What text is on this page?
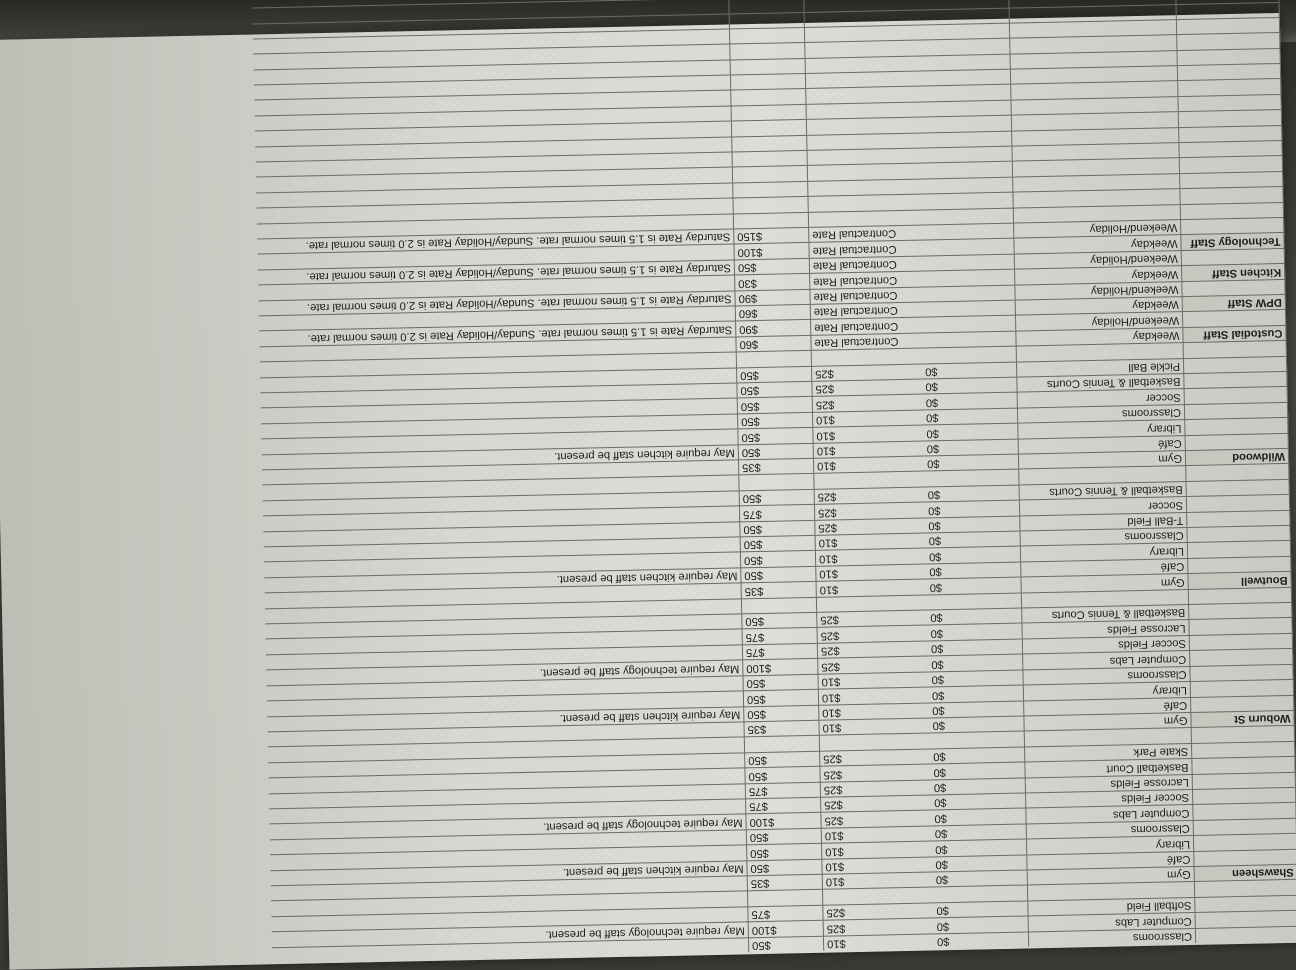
	Classrooms	$0	$10	$50	
	Computer Labs	$0	$25	$100	May require technology staff be present.
	Softball Field	$0	$25	$75	

Shawsheen	Gym	$0	$10	$35	
	Café	$0	$10	$50	May require kitchen staff be present.
	Library	$0	$10	$50	
	Classrooms	$0	$10	$50	
	Computer Labs	$0	$25	$100	May require technology staff be present.
	Soccer Fields	$0	$25	$75	
	Lacrosse Fields	$0	$25	$75	
	Basketball Court	$0	$25	$50	
	Skate Park	$0	$25	$50	

Woburn St	Gym	$0	$10	$35	
	Café	$0	$10	$50	May require kitchen staff be present.
	Library	$0	$10	$50	
	Classrooms	$0	$10	$50	
	Computer Labs	$0	$25	$100	May require technology staff be present.
	Soccer Fields	$0	$25	$75	
	Lacrosse Fields	$0	$25	$75	
	Basketball & Tennis Courts	$0	$25	$50	

Boutwell	Gym	$0	$10	$35	
	Café	$0	$10	$50	May require kitchen staff be present.
	Library	$0	$10	$50	
	Classrooms	$0	$10	$50	
	T-Ball Field	$0	$25	$50	
	Soccer	$0	$25	$75	
	Basketball & Tennis Courts	$0	$25	$50	

Wildwood	Gym	$0	$10	$35	
	Café	$0	$10	$50	May require kitchen staff be present.
	Library	$0	$10	$50	
	Classrooms	$0	$10	$50	
	Soccer	$0	$25	$50	
	Basketball & Tennis Courts	$0	$25	$50	
	Pickle Ball	$0	$25	$50	

Custodial Staff	Weekday		Contractual Rate	$60	
	Weekend/Holiday		Contractual Rate	$90	Saturday Rate is 1.5 times normal rate. Sunday/Holiday Rate is 2.0 times normal rate.
DPW Staff	Weekday		Contractual Rate	$60	
	Weekend/Holiday		Contractual Rate	$90	Saturday Rate is 1.5 times normal rate. Sunday/Holiday Rate is 2.0 times normal rate.
Kitchen Staff	Weekday		Contractual Rate	$30	
	Weekend/Holiday		Contractual Rate	$50	Saturday Rate is 1.5 times normal rate. Sunday/Holiday Rate is 2.0 times normal rate.
Technology Staff	Weekday		Contractual Rate	$100	
	Weekend/Holiday		Contractual Rate	$150	Saturday Rate is 1.5 times normal rate. Sunday/Holiday Rate is 2.0 times normal rate.
